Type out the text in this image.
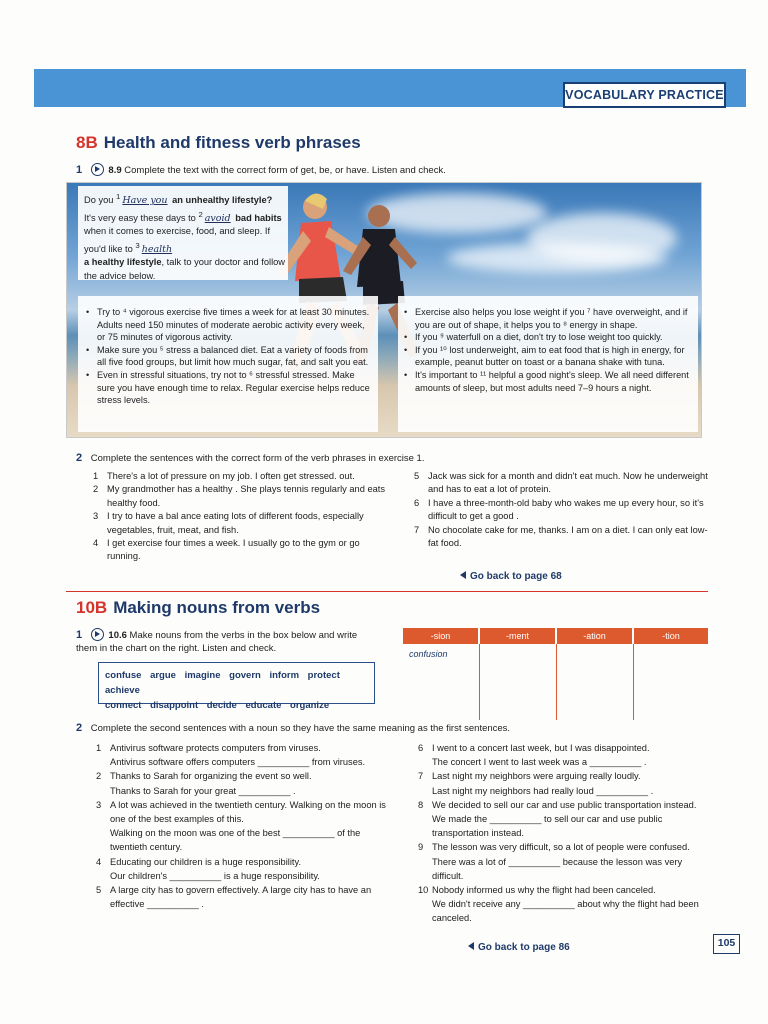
VOCABULARY PRACTICE
8B Health and fitness verb phrases
1	8.9 Complete the text with the correct form of get, be, or have. Listen and check.
Do you $^1$ Have you an unhealthy lifestyle?
It's very easy these days to $^2$ avoid bad habits when it comes to exercise, food, and sleep. If you'd like to $^3$ health
a healthy lifestyle, talk to your doctor and follow the advice below.
• Try to ⁴ vigorous exercise five times a week for at least 30 minutes. Adults need 150 minutes of moderate aerobic activity every week, or 75 minutes of vigorous activity.
• Make sure you ⁵ stress a balanced diet. Eat a variety of foods from all five food groups, but limit how much sugar, fat, and salt you eat.
• Even in stressful situations, try not to ⁶ stressful stressed. Make sure you have enough time to relax. Regular exercise helps reduce stress levels.
• Exercise also helps you lose weight if you ⁷ have overweight, and if you are out of shape, it helps you to ⁸ energy in shape.
• If you ⁹ waterfull on a diet, don't try to lose weight too quickly.
• If you ¹⁰ lost underweight, aim to eat food that is high in energy, for example, peanut butter on toast or a banana shake with tuna.
• It's important to ¹¹ helpful a good night's sleep. We all need different amounts of sleep, but most adults need 7–9 hours a night.
2 Complete the sentences with the correct form of the verb phrases in exercise 1.
1 There's a lot of pressure on my job. I often get stressed. out.
2 My grandmother has a healthy . She plays tennis regularly and eats healthy food.
3 I try to have a bal ance eating lots of different foods, especially vegetables, fruit, meat, and fish.
4 I get exercise four times a week. I usually go to the gym or go running.
5 Jack was sick for a month and didn't eat much. Now he underweight and has to eat a lot of protein.
6 I have a three-month-old baby who wakes me up every hour, so it's difficult to get a good .
7 No chocolate cake for me, thanks. I am on a diet. I can only eat low-fat food.
Go back to page 68
10B Making nouns from verbs
1	10.6 Make nouns from the verbs in the box below and write them in the chart on the right. Listen and check.
confuse argue imagine govern inform protect achieve
connect disappoint decide educate organize
-sion	-ment	-ation	-tion
confusion
2 Complete the second sentences with a noun so they have the same meaning as the first sentences.
1 Antivirus software protects computers from viruses.
Antivirus software offers computers __________ from viruses.
2 Thanks to Sarah for organizing the event so well.
Thanks to Sarah for your great __________ .
3 A lot was achieved in the twentieth century. Walking on the moon is one of the best examples of this.
Walking on the moon was one of the best __________ of the twentieth century.
4 Educating our children is a huge responsibility.
Our children's __________ is a huge responsibility.
5 A large city has to govern effectively. A large city has to have an
effective __________ .
6 I went to a concert last week, but I was disappointed.
The concert I went to last week was a __________ .
7 Last night my neighbors were arguing really loudly.
Last night my neighbors had really loud __________ .
8 We decided to sell our car and use public transportation instead.
We made the __________ to sell our car and use public transportation instead.
9 The lesson was very difficult, so a lot of people were confused.
There was a lot of __________ because the lesson was very difficult.
10 Nobody informed us why the flight had been canceled.
We didn't receive any __________ about why the flight had been canceled.
Go back to page 86	105
